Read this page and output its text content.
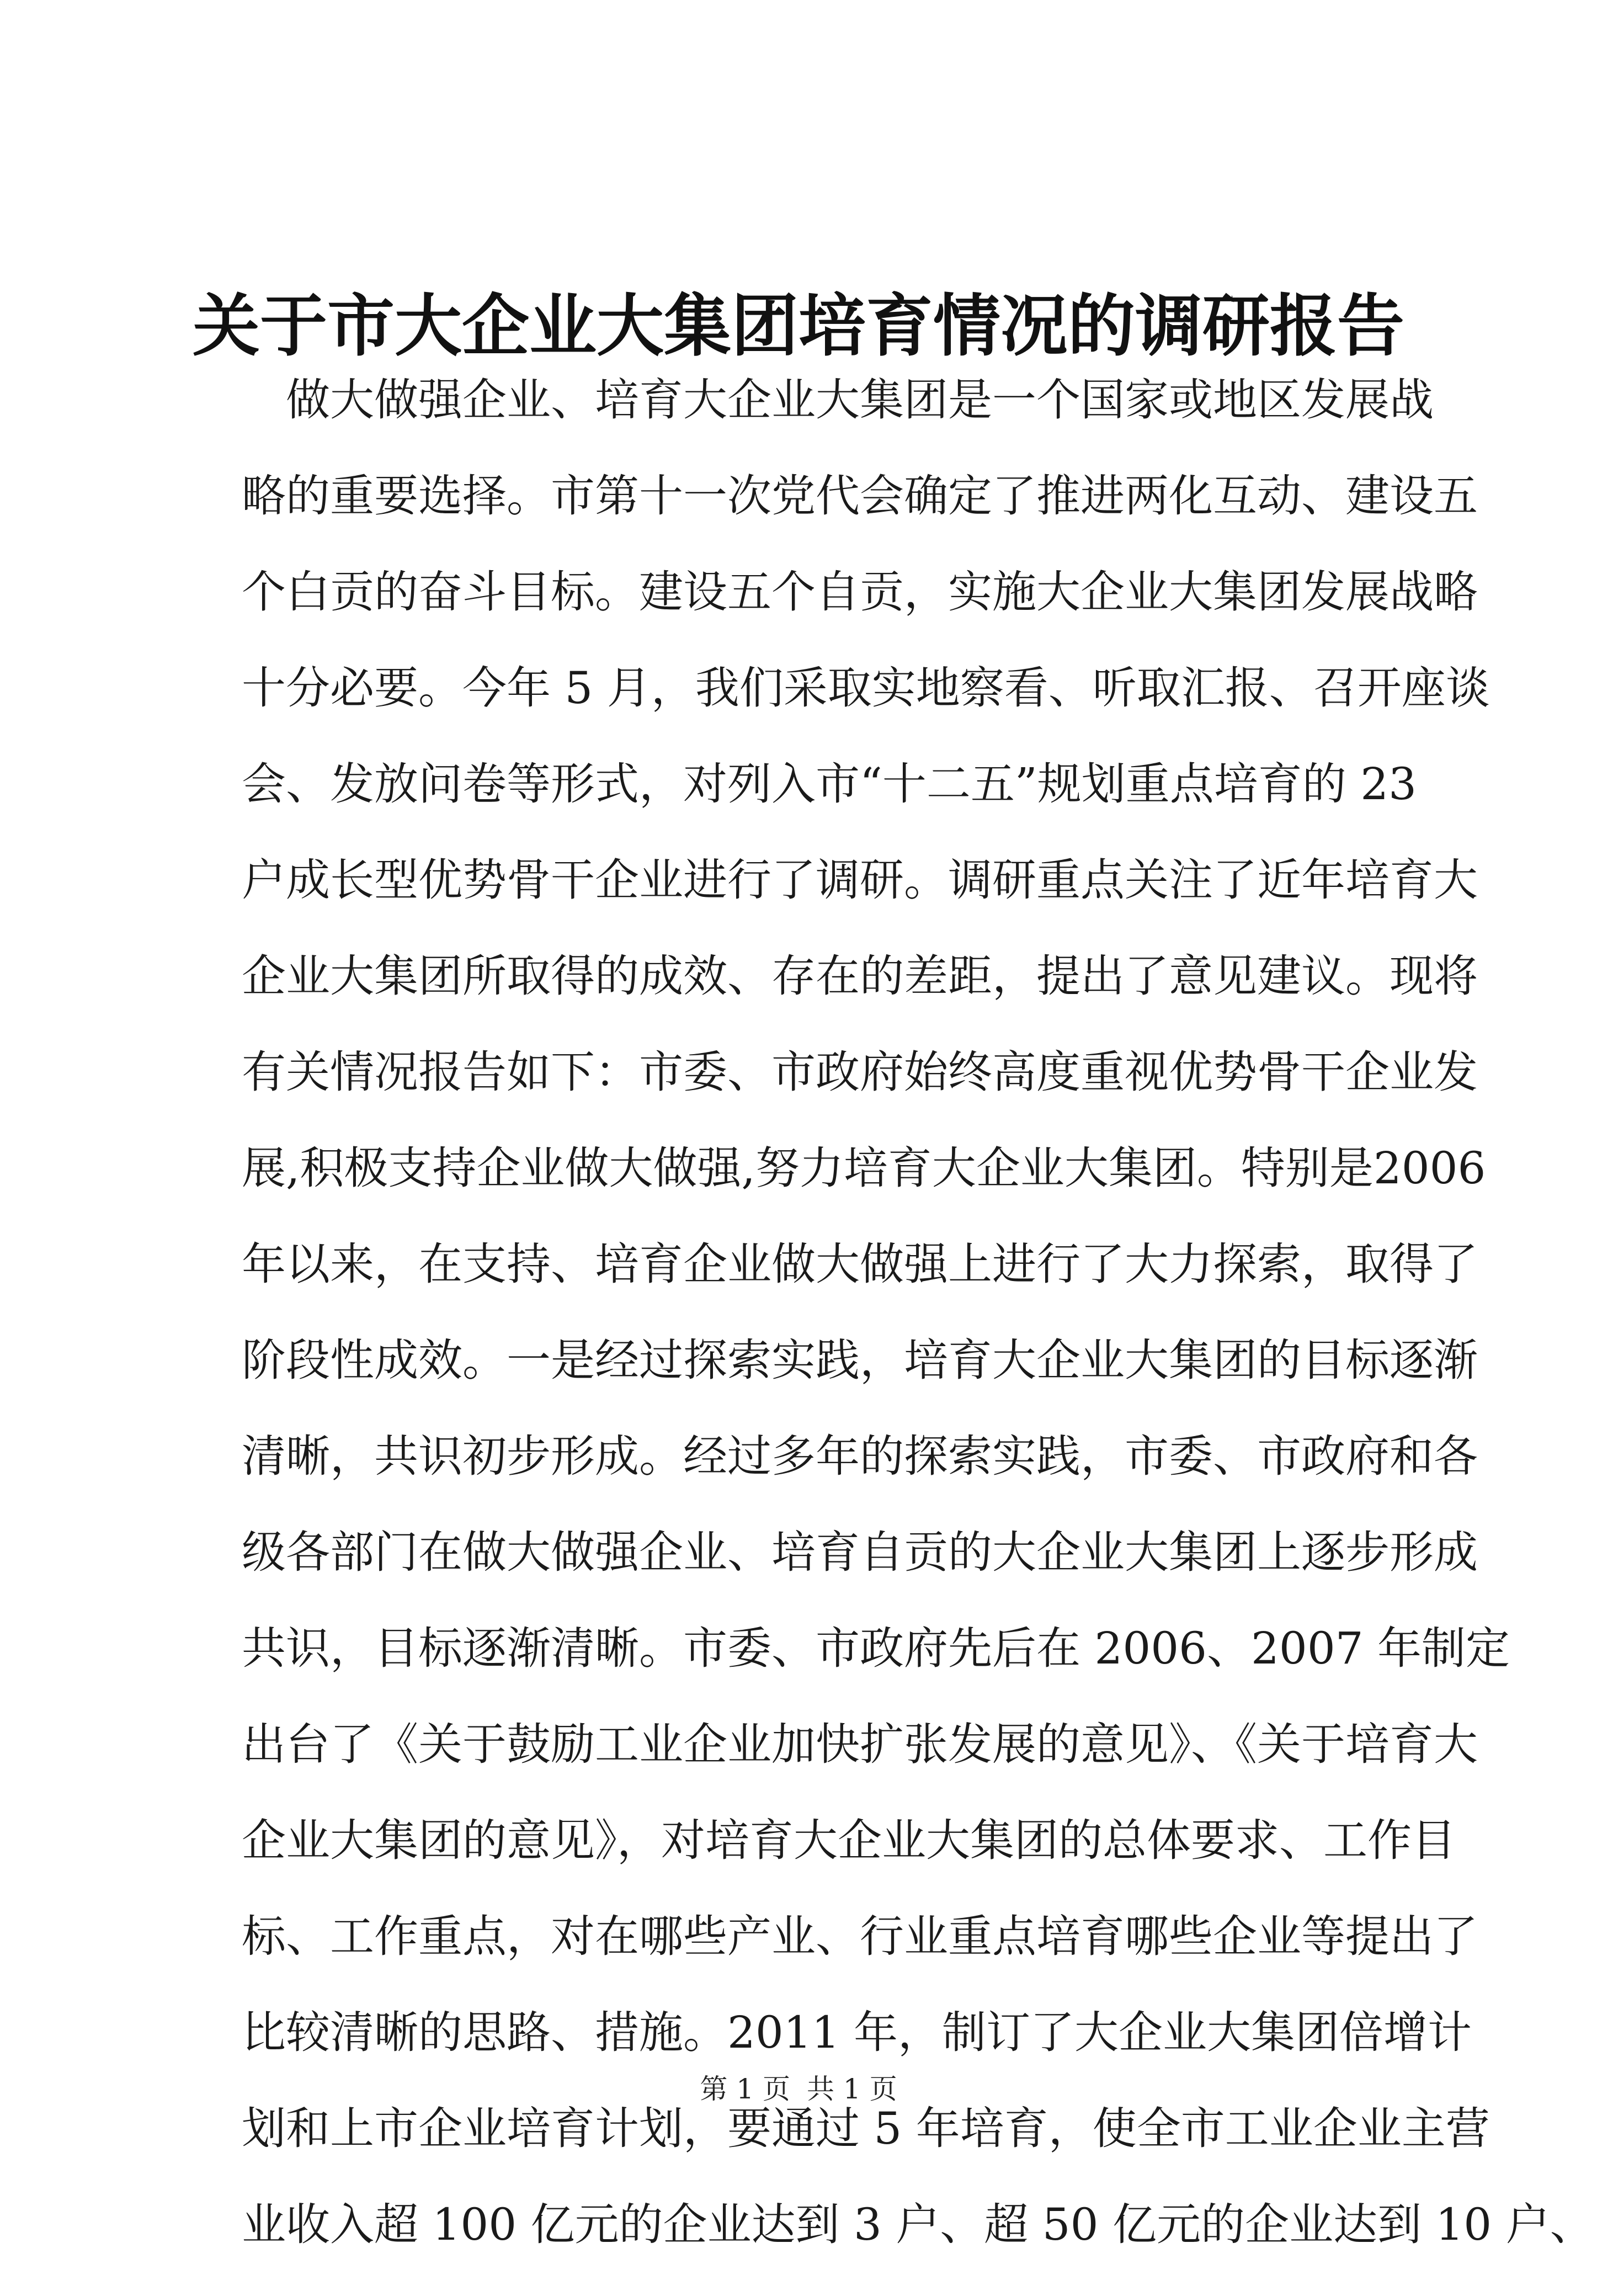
关于市大企业大集团培育情况的调研报告

做大做强企业、培育大企业大集团是一个国家或地区发展战

略的重要选择。市第十一次党代会确定了推进两化互动、建设五

个白贡的奋斗目标。建设五个自贡，实施大企业大集团发展战略

十分必要。今年 5 月，我们采取实地察看、听取汇报、召开座谈

会、发放问卷等形式，对列入市“十二五”规划重点培育的 23

户成长型优势骨干企业进行了调研。调研重点关注了近年培育大

企业大集团所取得的成效、存在的差距，提出了意见建议。现将

有关情况报告如下：市委、市政府始终高度重视优势骨干企业发

展,积极支持企业做大做强,努力培育大企业大集团。特别是2006

年以来，在支持、培育企业做大做强上进行了大力探索，取得了

阶段性成效。一是经过探索实践，培育大企业大集团的目标逐渐

清晰，共识初步形成。经过多年的探索实践，市委、市政府和各

级各部门在做大做强企业、培育自贡的大企业大集团上逐步形成

共识，目标逐渐清晰。市委、市政府先后在 2006、2007 年制定

出台了《关于鼓励工业企业加快扩张发展的意见》、《关于培育大

企业大集团的意见》，对培育大企业大集团的总体要求、工作目

标、工作重点，对在哪些产业、行业重点培育哪些企业等提出了

比较清晰的思路、措施。2011 年，制订了大企业大集团倍增计

划和上市企业培育计划，要通过 5 年培育，使全市工业企业主营

业收入超 100 亿元的企业达到 3 户、超 50 亿元的企业达到 10 户、

第 1 页 共 1 页
